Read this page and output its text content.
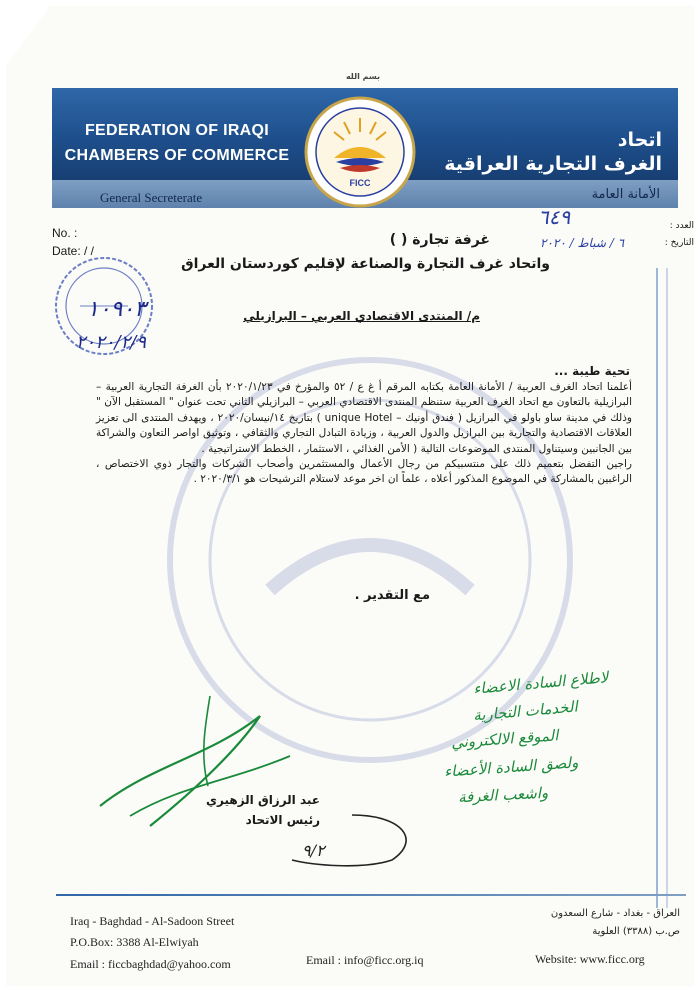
FEDERATION OF IRAQI
CHAMBERS OF COMMERCE
اتحاد
الغرف التجارية العراقية
General Secreterate	الأمانة العامة
بسم الله
FICC
No. :
Date: / /
العدد :
التاريخ :
٦٤٩
٦ / شباط / ٢٠٢٠
غرفة تجارة ( )
واتحاد غرف التجارة والصناعة لإقليم كوردستان العراق
١٠٩٠٣
٢٠٢٠/٢/٩
م/ المنتدى الاقتصادي العربي – البرازيلي
تحية طيبة ...

أعلمنا اتحاد الغرف العربية / الأمانة العامة بكتابه المرقم أ غ ع / ٥٢ والمؤرخ في ٢٠٢٠/١/٢٣ بأن الغرفة التجارية العربية – البرازيلية بالتعاون مع اتحاد الغرف العربية ستنظم المنتدى الاقتصادي العربي – البرازيلي الثاني تحت عنوان " المستقبل الآن " وذلك في مدينة ساو باولو في البرازيل ( فندق أونيك – unique Hotel ) بتاريخ ١٤/نيسان/٢٠٢٠ ، ويهدف المنتدى الى تعزيز العلاقات الاقتصادية والتجارية بين البرازيل والدول العربية ، وزيادة التبادل التجاري والثقافي ، وتوثيق اواصر التعاون والشراكة بين الجانبين وسيتناول المنتدى الموضوعات التالية ( الأمن الغذائي ، الاستثمار ، الخطط الاستراتيجية .

راجين التفضل بتعميم ذلك على منتسبيكم من رجال الأعمال والمستثمرين وأصحاب الشركات والتجار ذوي الاختصاص ، الراغبين بالمشاركة في الموضوع المذكور أعلاه ، علماً ان اخر موعد لاستلام الترشيحات هو ٢٠٢٠/٣/١ .

مع التقدير .
لاطلاع السادة الاعضاء
الخدمات التجارية
الموقع الالكتروني
ولصق السادة الأعضاء
واشعب الغرفة
عبد الرزاق الزهيري
رئيس الاتحاد
٩/٢
Iraq - Baghdad - Al-Sadoon Street
P.O.Box: 3388 Al-Elwiyah
Email : ficcbaghdad@yahoo.com
العراق - بغداد - شارع السعدون
ص.ب (٣٣٨٨) العلوية
Email : info@ficc.org.iq	Website: www.ficc.org
